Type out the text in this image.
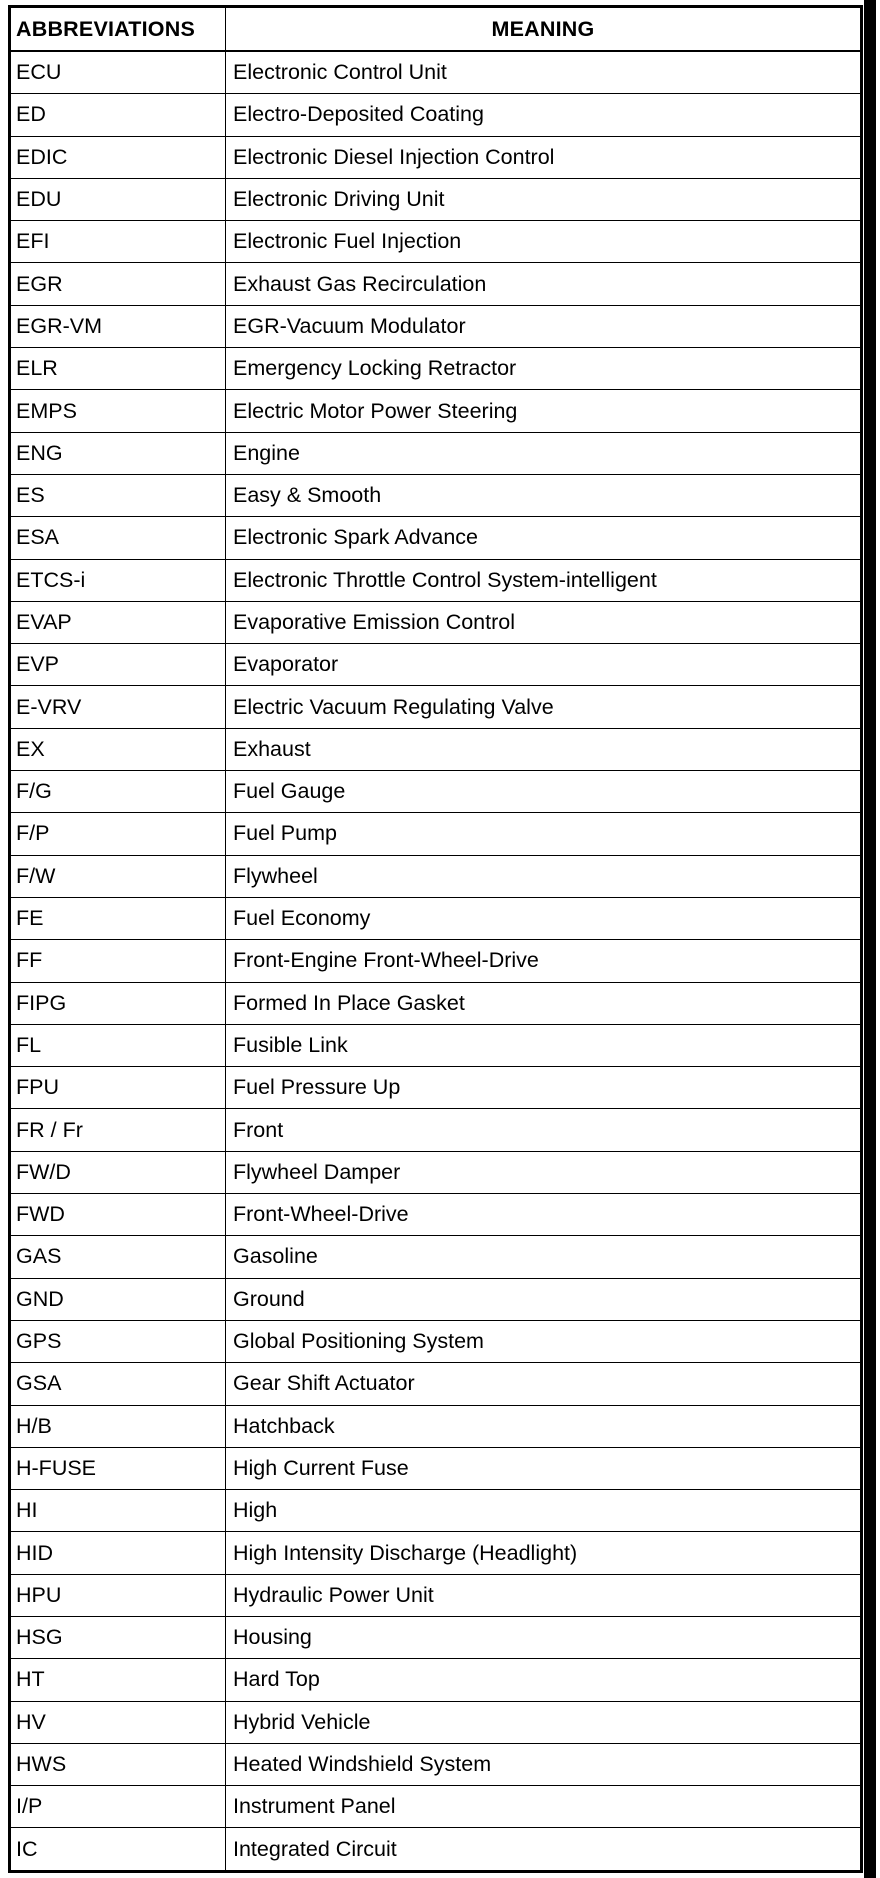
ABBREVIATIONS	MEANING
ECU	Electronic Control Unit
ED	Electro-Deposited Coating
EDIC	Electronic Diesel Injection Control
EDU	Electronic Driving Unit
EFI	Electronic Fuel Injection
EGR	Exhaust Gas Recirculation
EGR-VM	EGR-Vacuum Modulator
ELR	Emergency Locking Retractor
EMPS	Electric Motor Power Steering
ENG	Engine
ES	Easy & Smooth
ESA	Electronic Spark Advance
ETCS-i	Electronic Throttle Control System-intelligent
EVAP	Evaporative Emission Control
EVP	Evaporator
E-VRV	Electric Vacuum Regulating Valve
EX	Exhaust
F/G	Fuel Gauge
F/P	Fuel Pump
F/W	Flywheel
FE	Fuel Economy
FF	Front-Engine Front-Wheel-Drive
FIPG	Formed In Place Gasket
FL	Fusible Link
FPU	Fuel Pressure Up
FR / Fr	Front
FW/D	Flywheel Damper
FWD	Front-Wheel-Drive
GAS	Gasoline
GND	Ground
GPS	Global Positioning System
GSA	Gear Shift Actuator
H/B	Hatchback
H-FUSE	High Current Fuse
HI	High
HID	High Intensity Discharge (Headlight)
HPU	Hydraulic Power Unit
HSG	Housing
HT	Hard Top
HV	Hybrid Vehicle
HWS	Heated Windshield System
I/P	Instrument Panel
IC	Integrated Circuit
